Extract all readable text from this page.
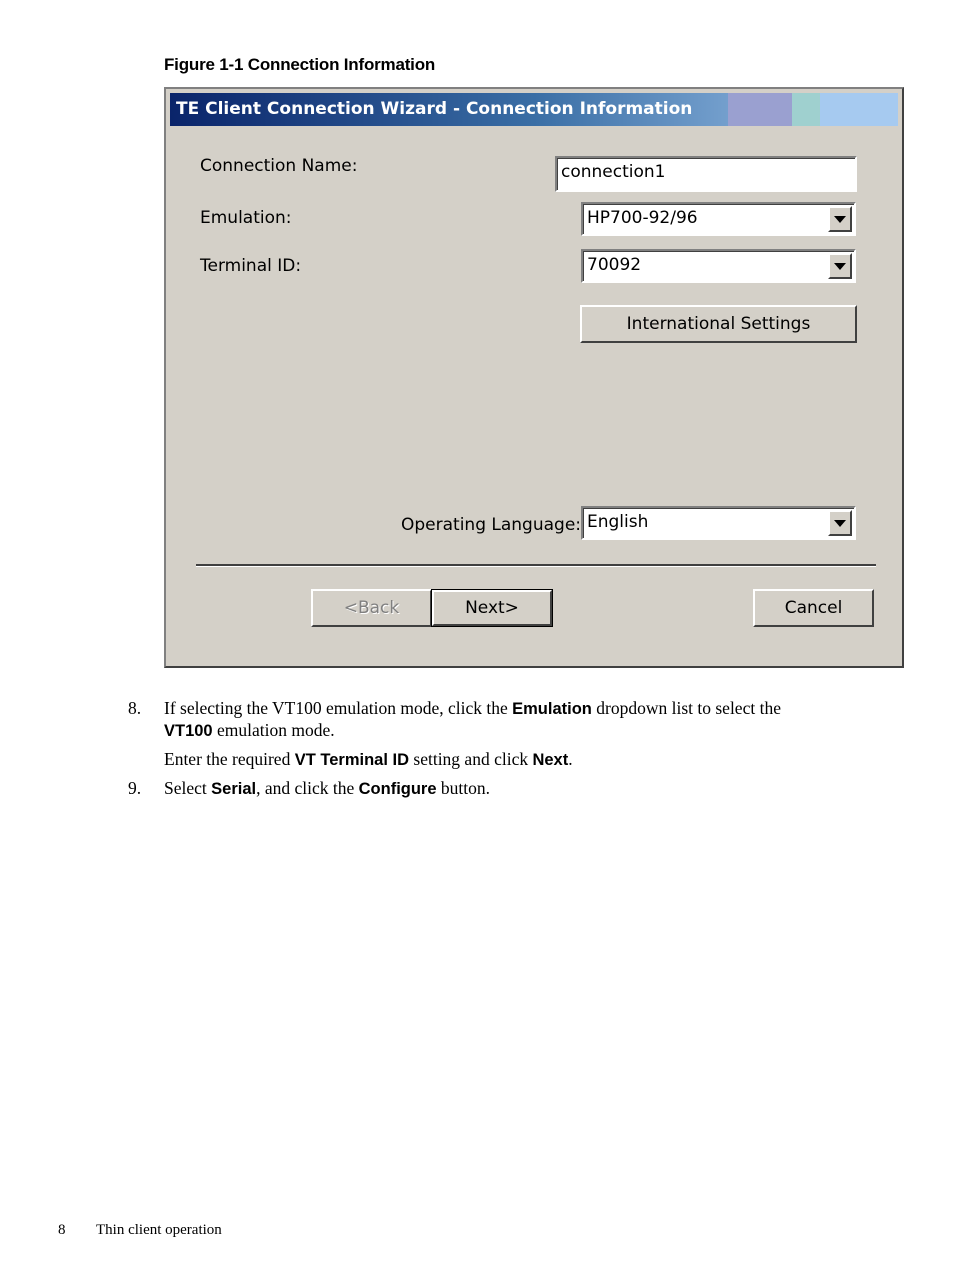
Figure 1-1 Connection Information
TE Client Connection Wizard - Connection Information
Connection Name:	connection1
Emulation:	HP700-92/96
Terminal ID:	70092
International Settings
Operating Language: English
<Back	Next>	Cancel
8. If selecting the VT100 emulation mode, click the Emulation dropdown list to select the
VT100 emulation mode.
Enter the required VT Terminal ID setting and click Next.
9. Select Serial, and click the Configure button.
8 Thin client operation
